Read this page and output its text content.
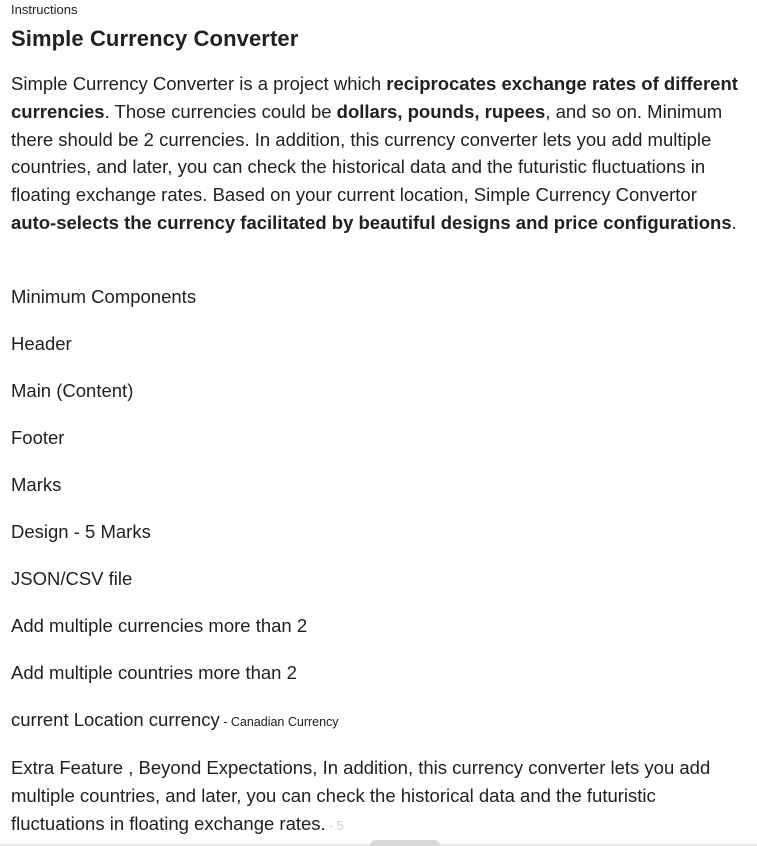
Instructions
Simple Currency Converter

Simple Currency Converter is a project which reciprocates exchange rates of different currencies. Those currencies could be dollars, pounds, rupees, and so on. Minimum there should be 2 currencies. In addition, this currency converter lets you add multiple countries, and later, you can check the historical data and the futuristic fluctuations in floating exchange rates. Based on your current location, Simple Currency Convertor auto-selects the currency facilitated by beautiful designs and price configurations.

Minimum Components

Header

Main (Content)

Footer

Marks

Design - 5 Marks

JSON/CSV file

Add multiple currencies more than 2

Add multiple countries more than 2

current Location currency - Canadian Currency

Extra Feature , Beyond Expectations, In addition, this currency converter lets you add multiple countries, and later, you can check the historical data and the futuristic fluctuations in floating exchange rates. - 5
